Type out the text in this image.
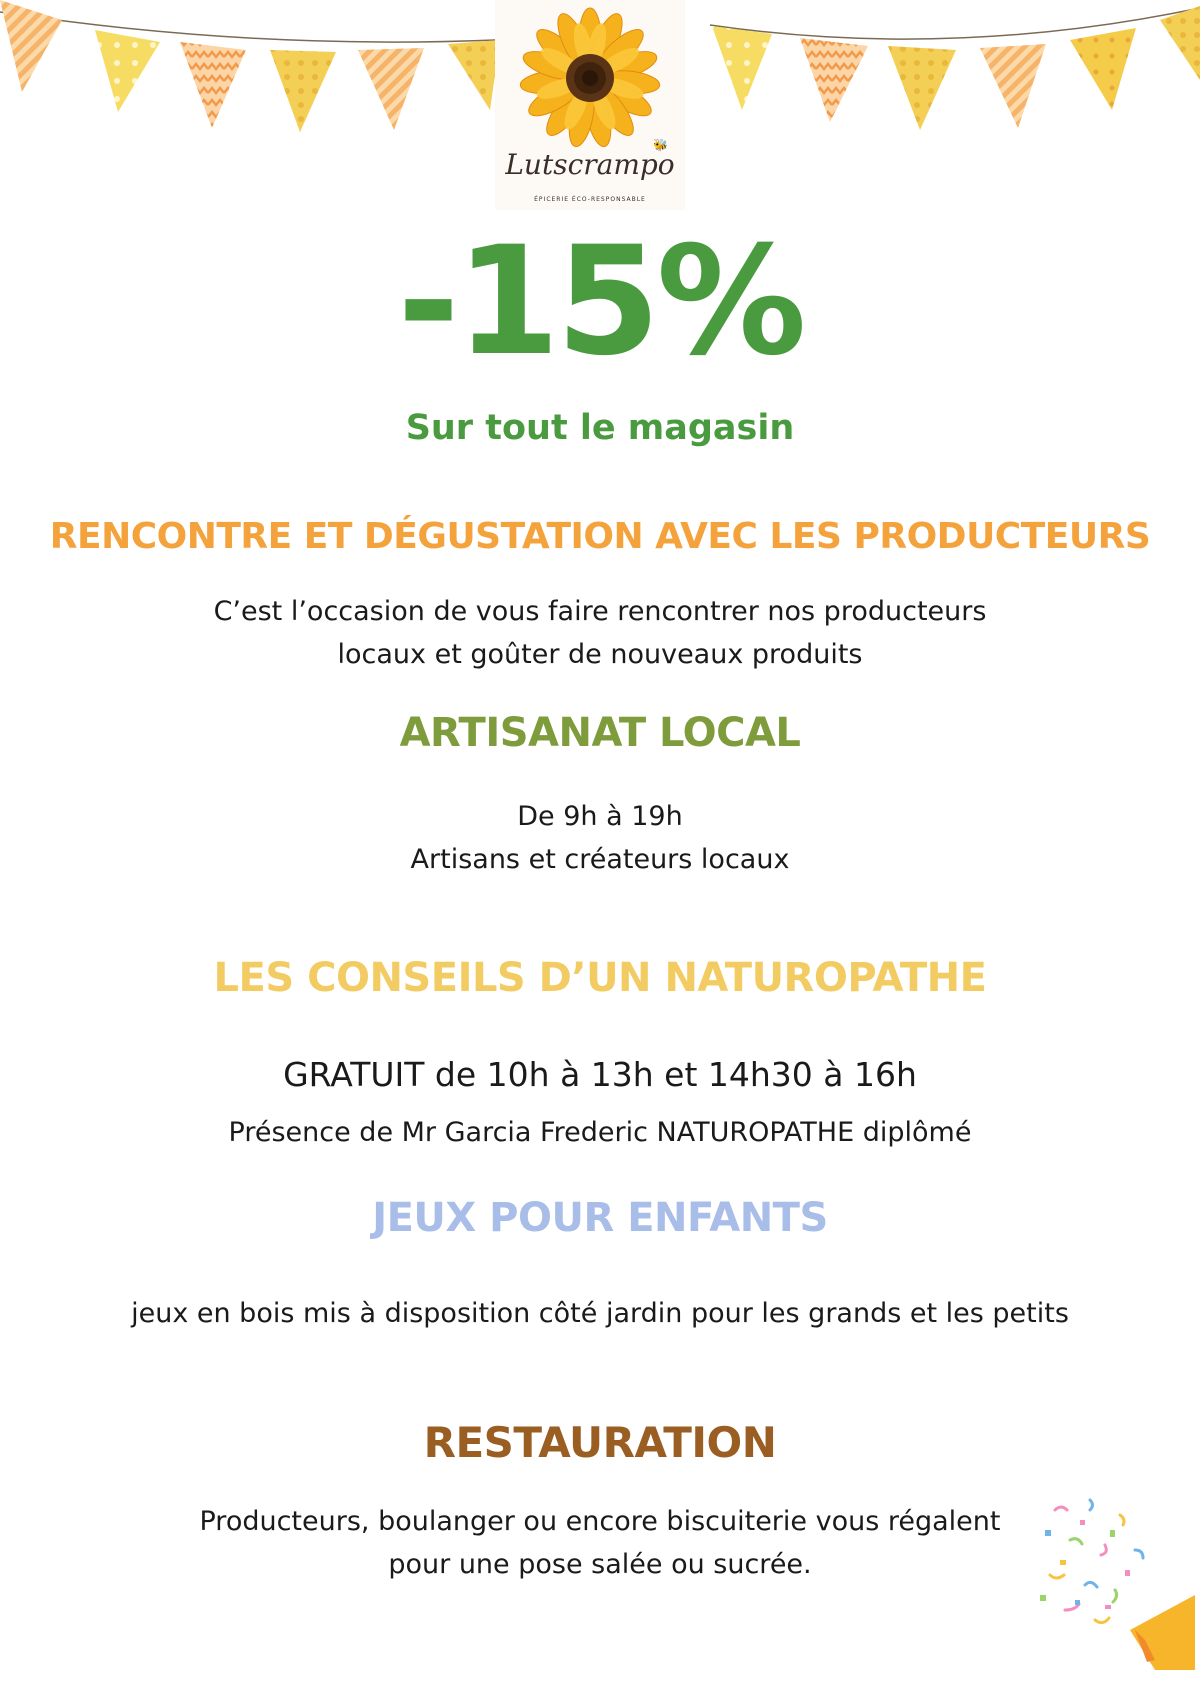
🐝
Lutscrampo
ÉPICERIE ÉCO-RESPONSABLE
-15%
Sur tout le magasin
RENCONTRE ET DÉGUSTATION AVEC LES PRODUCTEURS
C’est l’occasion de vous faire rencontrer nos producteurs
locaux et goûter de nouveaux produits
ARTISANAT LOCAL
De 9h à 19h
Artisans et créateurs locaux
LES CONSEILS D’UN NATUROPATHE
GRATUIT de 10h à 13h et 14h30 à 16h
Présence de Mr Garcia Frederic NATUROPATHE diplômé
JEUX POUR ENFANTS
jeux en bois mis à disposition côté jardin pour les grands et les petits
RESTAURATION
Producteurs, boulanger ou encore biscuiterie vous régalent
pour une pose salée ou sucrée.
